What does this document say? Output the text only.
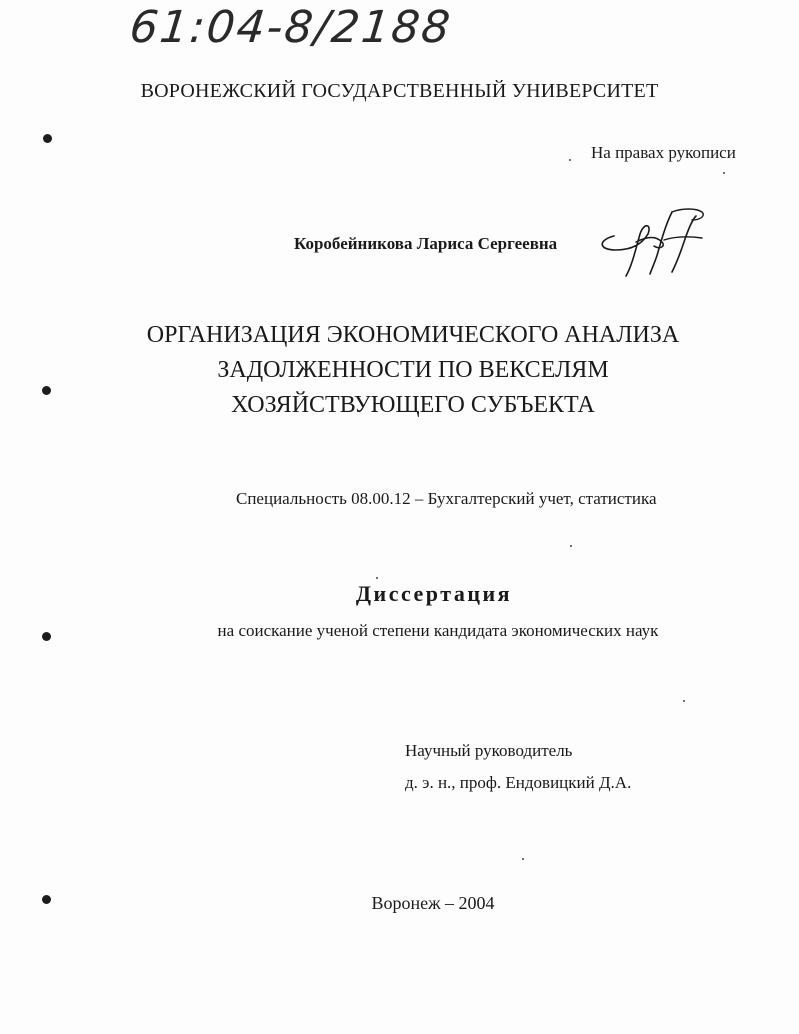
61:04-8/2188
ВОРОНЕЖСКИЙ ГОСУДАРСТВЕННЫЙ УНИВЕРСИТЕТ
На правах рукописи
Коробейникова Лариса Сергеевна
ОРГАНИЗАЦИЯ ЭКОНОМИЧЕСКОГО АНАЛИЗА
ЗАДОЛЖЕННОСТИ ПО ВЕКСЕЛЯМ
ХОЗЯЙСТВУЮЩЕГО СУБЪЕКТА
Специальность 08.00.12 – Бухгалтерский учет, статистика
Диссертация
на соискание ученой степени кандидата экономических наук
Научный руководитель
д. э. н., проф. Ендовицкий Д.А.
Воронеж – 2004
